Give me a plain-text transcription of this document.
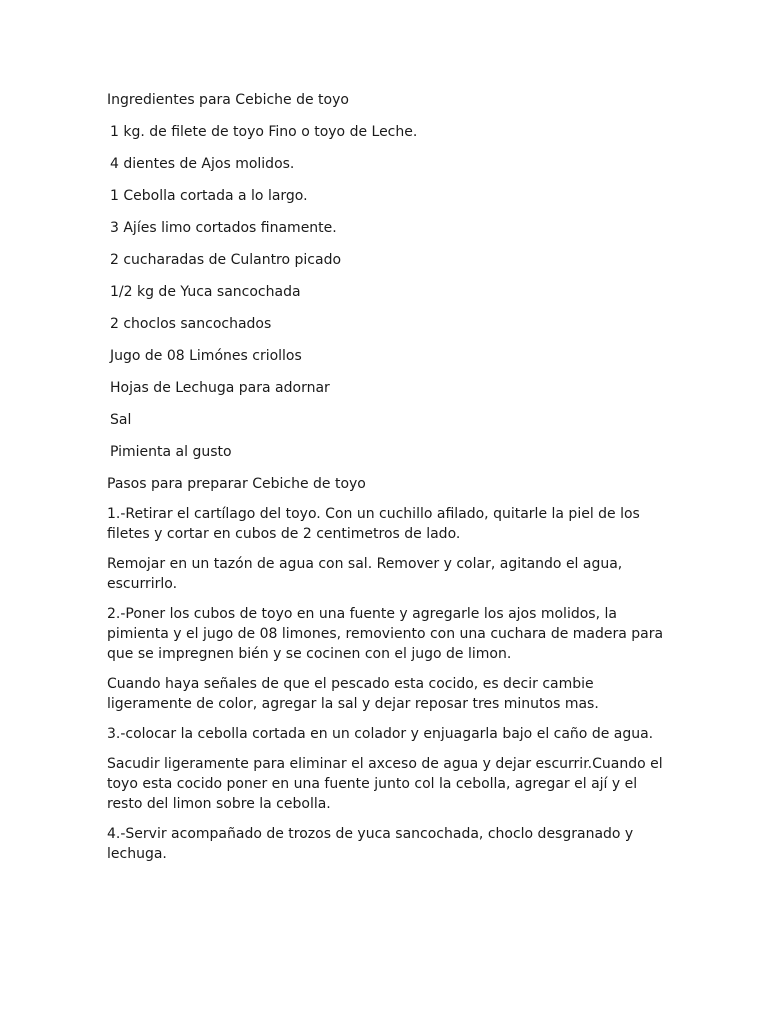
Ingredientes para Cebiche de toyo
1 kg. de filete de toyo Fino o toyo de Leche.
4 dientes de Ajos molidos.
1 Cebolla cortada a lo largo.
3 Ajíes limo cortados finamente.
2 cucharadas de Culantro picado
1/2 kg de Yuca sancochada
2 choclos sancochados
Jugo de 08 Limónes criollos
Hojas de Lechuga para adornar
Sal
Pimienta al gusto
Pasos para preparar Cebiche de toyo

1.-Retirar el cartílago del toyo. Con un cuchillo afilado, quitarle la piel de los filetes y cortar en cubos de 2 centimetros de lado.

Remojar en un tazón de agua con sal. Remover y colar, agitando el agua, escurrirlo.

2.-Poner los cubos de toyo en una fuente y agregarle los ajos molidos, la pimienta y el jugo de 08 limones, removiento con una cuchara de madera para que se impregnen bién y se cocinen con el jugo de limon.

Cuando haya señales de que el pescado esta cocido, es decir cambie ligeramente de color, agregar la sal y dejar reposar tres minutos mas.

3.-colocar la cebolla cortada en un colador y enjuagarla bajo el caño de agua.

Sacudir ligeramente para eliminar el axceso de agua y dejar escurrir.Cuando el toyo esta cocido poner en una fuente junto col la cebolla, agregar el ají y el resto del limon sobre la cebolla.

4.-Servir acompañado de trozos de yuca sancochada, choclo desgranado y lechuga.
